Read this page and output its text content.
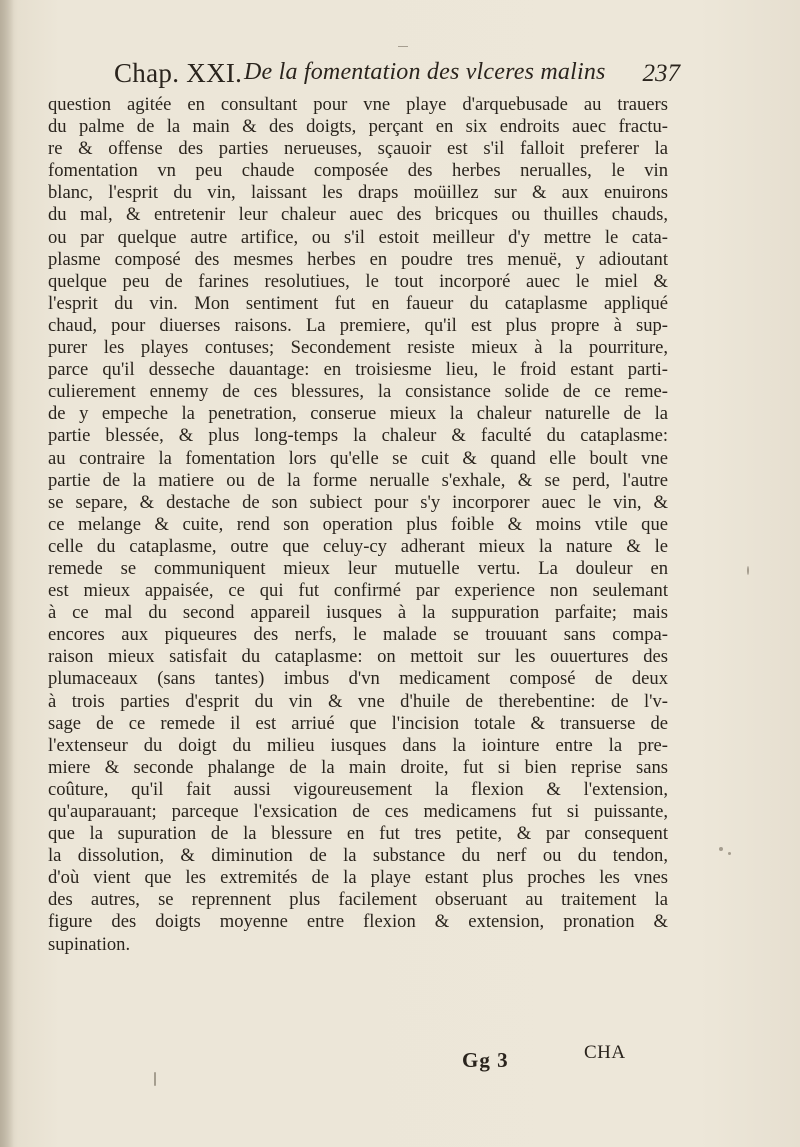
Chap. XXI. De la fomentation des vlceres malins 237
question agitée en consultant pour vne playe d'arquebusade au trauers
du palme de la main & des doigts, perçant en six endroits auec fractu-
re & offense des parties nerueuses, sçauoir est s'il falloit preferer la
fomentation vn peu chaude composée des herbes nerualles, le vin
blanc, l'esprit du vin, laissant les draps moüillez sur & aux enuirons
du mal, & entretenir leur chaleur auec des bricques ou thuilles chauds,
ou par quelque autre artifice, ou s'il estoit meilleur d'y mettre le cata-
plasme composé des mesmes herbes en poudre tres menuë, y adioutant
quelque peu de farines resolutiues, le tout incorporé auec le miel &
l'esprit du vin. Mon sentiment fut en faueur du cataplasme appliqué
chaud, pour diuerses raisons. La premiere, qu'il est plus propre à sup-
purer les playes contuses; Secondement resiste mieux à la pourriture,
parce qu'il desseche dauantage: en troisiesme lieu, le froid estant parti-
culierement ennemy de ces blessures, la consistance solide de ce reme-
de y empeche la penetration, conserue mieux la chaleur naturelle de la
partie blessée, & plus long-temps la chaleur & faculté du cataplasme:
au contraire la fomentation lors qu'elle se cuit & quand elle boult vne
partie de la matiere ou de la forme nerualle s'exhale, & se perd, l'autre
se separe, & destache de son subiect pour s'y incorporer auec le vin, &
ce melange & cuite, rend son operation plus foible & moins vtile que
celle du cataplasme, outre que celuy-cy adherant mieux la nature & le
remede se communiquent mieux leur mutuelle vertu. La douleur en
est mieux appaisée, ce qui fut confirmé par experience non seulemant
à ce mal du second appareil iusques à la suppuration parfaite; mais
encores aux piqueures des nerfs, le malade se trouuant sans compa-
raison mieux satisfait du cataplasme: on mettoit sur les ouuertures des
plumaceaux (sans tantes) imbus d'vn medicament composé de deux
à trois parties d'esprit du vin & vne d'huile de therebentine: de l'v-
sage de ce remede il est arriué que l'incision totale & transuerse de
l'extenseur du doigt du milieu iusques dans la iointure entre la pre-
miere & seconde phalange de la main droite, fut si bien reprise sans
coûture, qu'il fait aussi vigoureusement la flexion & l'extension,
qu'auparauant; parceque l'exsication de ces medicamens fut si puissante,
que la supuration de la blessure en fut tres petite, & par consequent
la dissolution, & diminution de la substance du nerf ou du tendon,
d'où vient que les extremités de la playe estant plus proches les vnes
des autres, se reprennent plus facilement obseruant au traitement la
figure des doigts moyenne entre flexion & extension, pronation &
supination.
Gg 3	CHA
